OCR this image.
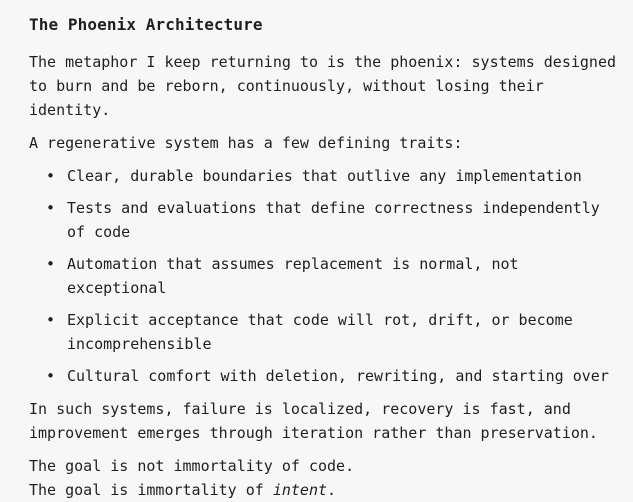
The Phoenix Architecture

The metaphor I keep returning to is the phoenix: systems designed to burn and be reborn, continuously, without losing their identity.

A regenerative system has a few defining traits:

• Clear, durable boundaries that outlive any implementation
• Tests and evaluations that define correctness independently of code
• Automation that assumes replacement is normal, not exceptional
• Explicit acceptance that code will rot, drift, or become incomprehensible
• Cultural comfort with deletion, rewriting, and starting over

In such systems, failure is localized, recovery is fast, and improvement emerges through iteration rather than preservation.

The goal is not immortality of code.
The goal is immortality of intent.
